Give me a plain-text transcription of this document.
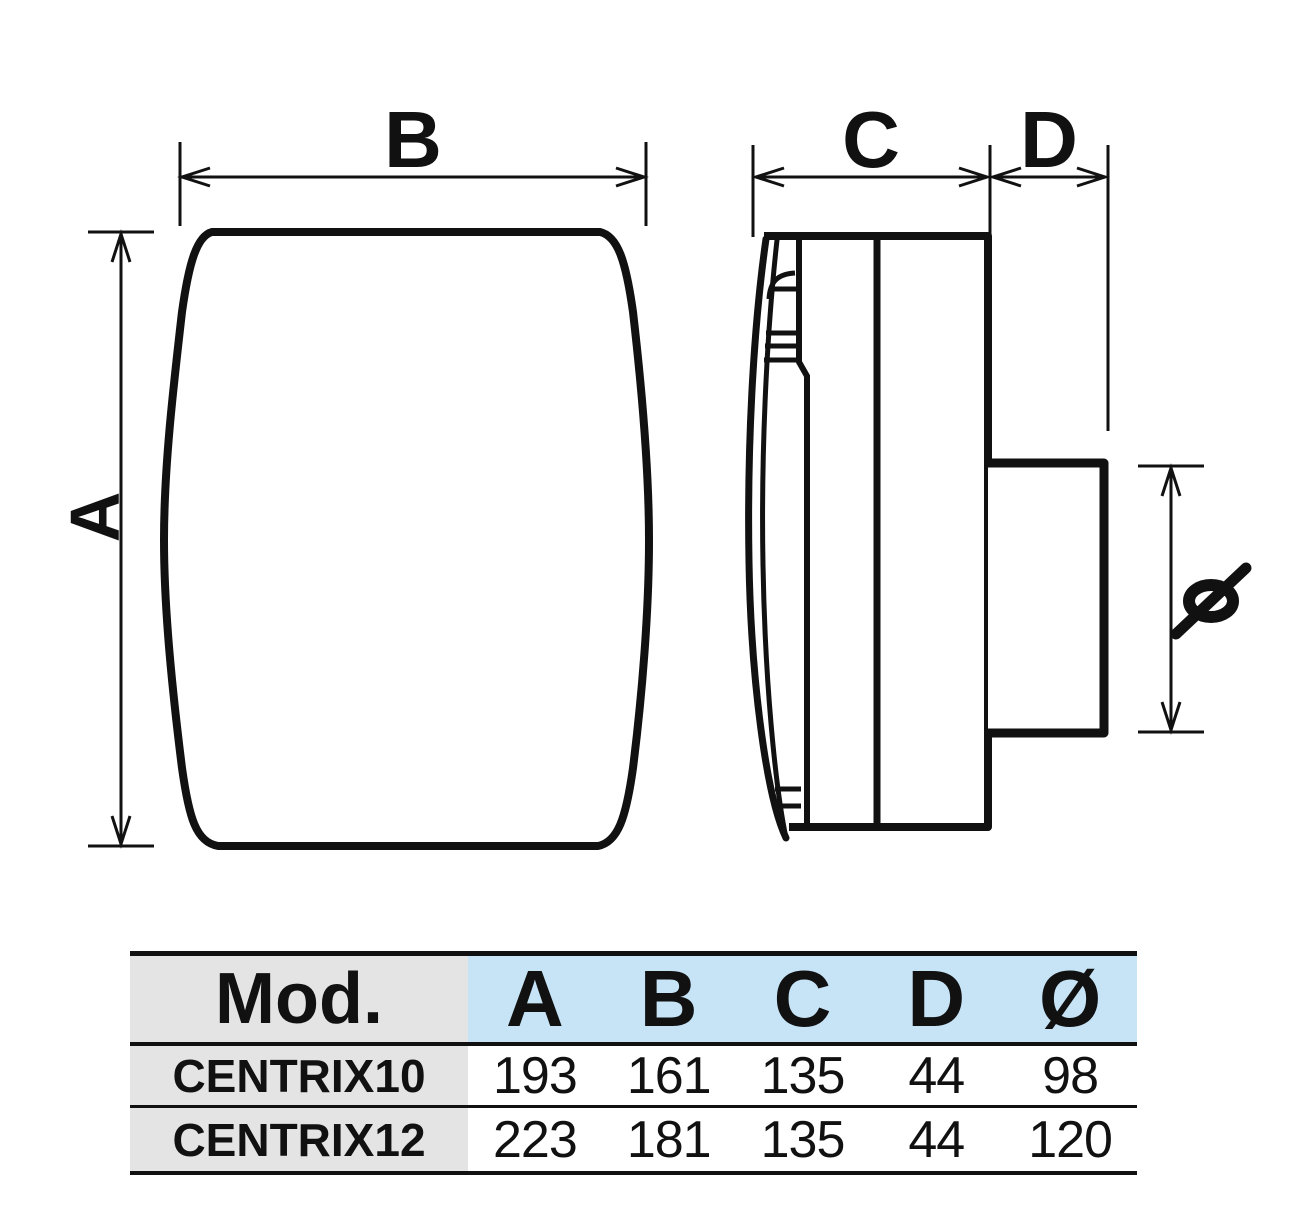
B
A
C D
Mod.	A B C D Ø
CENTRIX10	193 161 135	44	98
CENTRIX12	223 181 135	44	120
